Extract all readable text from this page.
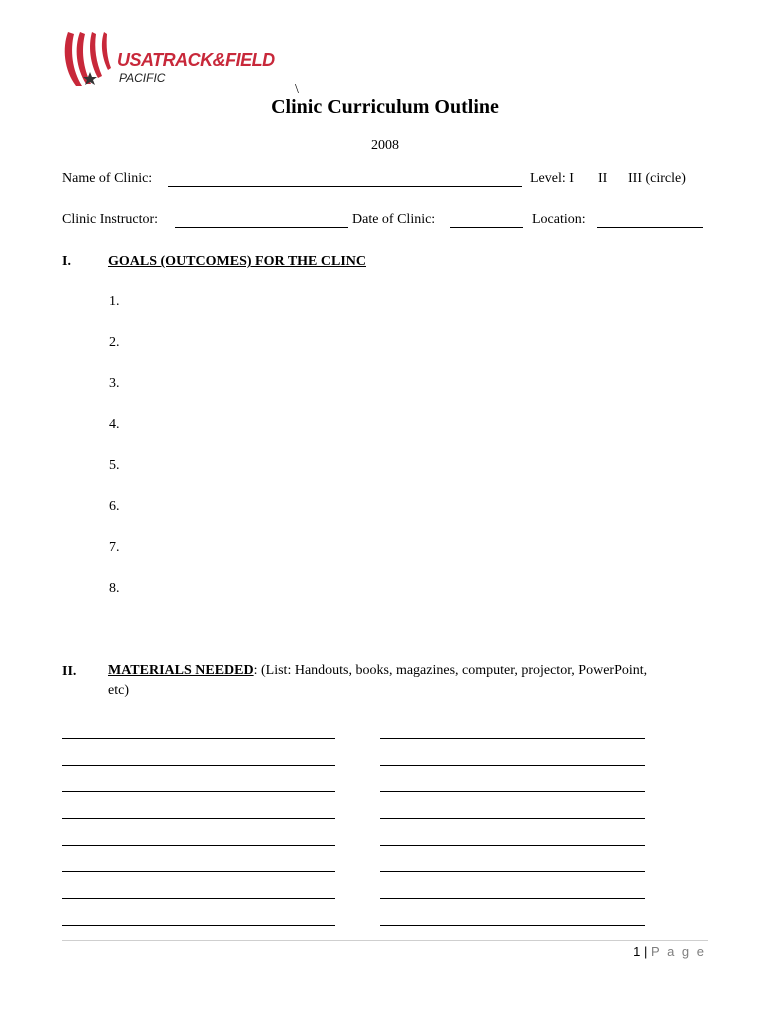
USATRACK&FIELD
PACIFIC
\
Clinic Curriculum Outline
2008
Name of Clinic:	Level: I II III (circle)
Clinic Instructor:	Date of Clinic:	Location:
I.	GOALS (OUTCOMES) FOR THE CLINC
1.
2.
3.
4.
5.
6.
7.
8.
II. MATERIALS NEEDED: (List: Handouts, books, magazines, computer, projector, PowerPoint,
etc)
1 | P a g e
